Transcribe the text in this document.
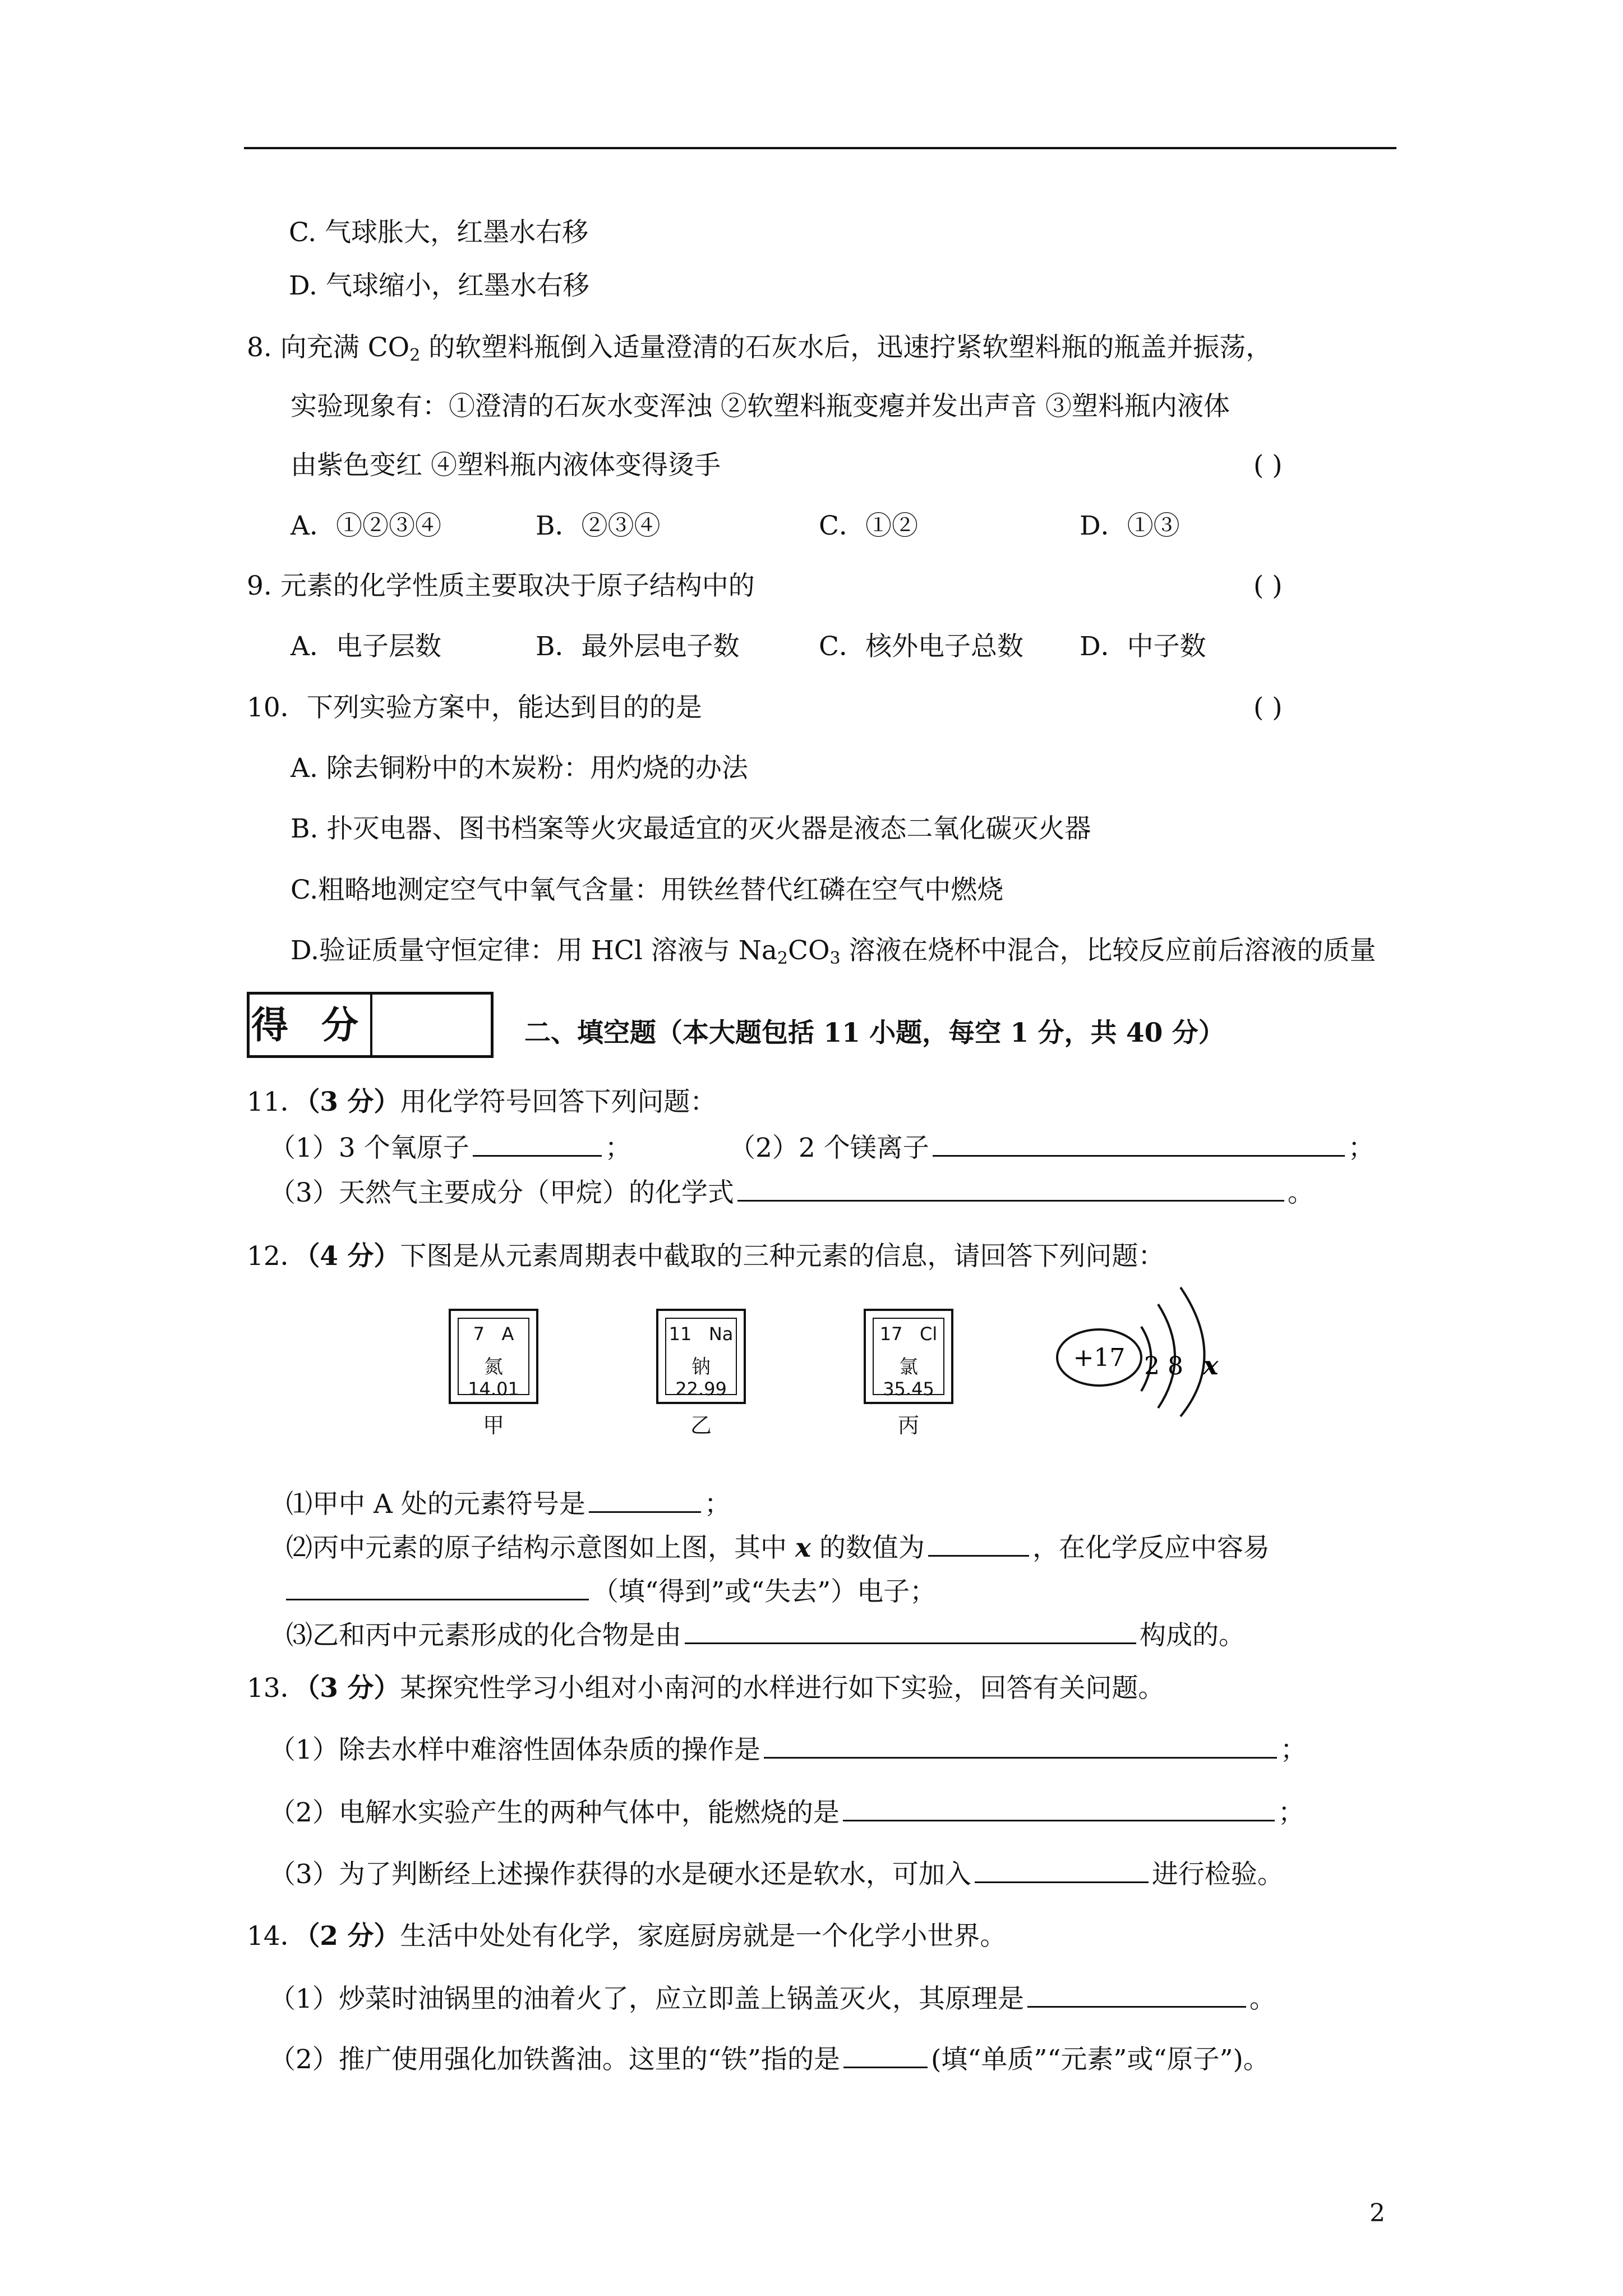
C. 气球胀大，红墨水右移
D. 气球缩小，红墨水右移
8. 向充满 $CO_2$ 的软塑料瓶倒入适量澄清的石灰水后，迅速拧紧软塑料瓶的瓶盖并振荡，
实验现象有：①澄清的石灰水变浑浊 ②软塑料瓶变瘪并发出声音 ③塑料瓶内液体
由紫色变红 ④塑料瓶内液体变得烫手	( )
A．①②③④	B．②③④	C．①②	D．①③
9. 元素的化学性质主要取决于原子结构中的	( )
A．电子层数	B．最外层电子数	C．核外电子总数 D．中子数
10．下列实验方案中，能达到目的的是	( )
A. 除去铜粉中的木炭粉：用灼烧的办法
B. 扑灭电器、图书档案等火灾最适宜的灭火器是液态二氧化碳灭火器
C.粗略地测定空气中氧气含量：用铁丝替代红磷在空气中燃烧
D.验证质量守恒定律：用 HCl 溶液与 $Na_2CO_3$ 溶液在烧杯中混合，比较反应前后溶液的质量
得 分	二、填空题（本大题包括 11 小题，每空 1 分，共 40 分）
11．（3 分）用化学符号回答下列问题：
（1）3 个氧原子	；	（2）2 个镁离子	；
（3）天然气主要成分（甲烷）的化学式	。
12．（4 分）下图是从元素周期表中截取的三种元素的信息，请回答下列问题：
7 A
氮
14.01
甲
11 Na
钠
22.99
乙
17 Cl
氯
35.45
丙
+17 2 8 x
⑴甲中 A 处的元素符号是	；
⑵丙中元素的原子结构示意图如上图，其中 x 的数值为	，在化学反应中容易
（填“得到”或“失去”）电子；
⑶乙和丙中元素形成的化合物是由	构成的。
13．（3 分）某探究性学习小组对小南河的水样进行如下实验，回答有关问题。
（1）除去水样中难溶性固体杂质的操作是	；
（2）电解水实验产生的两种气体中，能燃烧的是	；
（3）为了判断经上述操作获得的水是硬水还是软水，可加入	进行检验。
14．（2 分）生活中处处有化学，家庭厨房就是一个化学小世界。
（1）炒菜时油锅里的油着火了，应立即盖上锅盖灭火，其原理是	。
（2）推广使用强化加铁酱油。这里的“铁”指的是	(填“单质”“元素”或“原子”)。
2
